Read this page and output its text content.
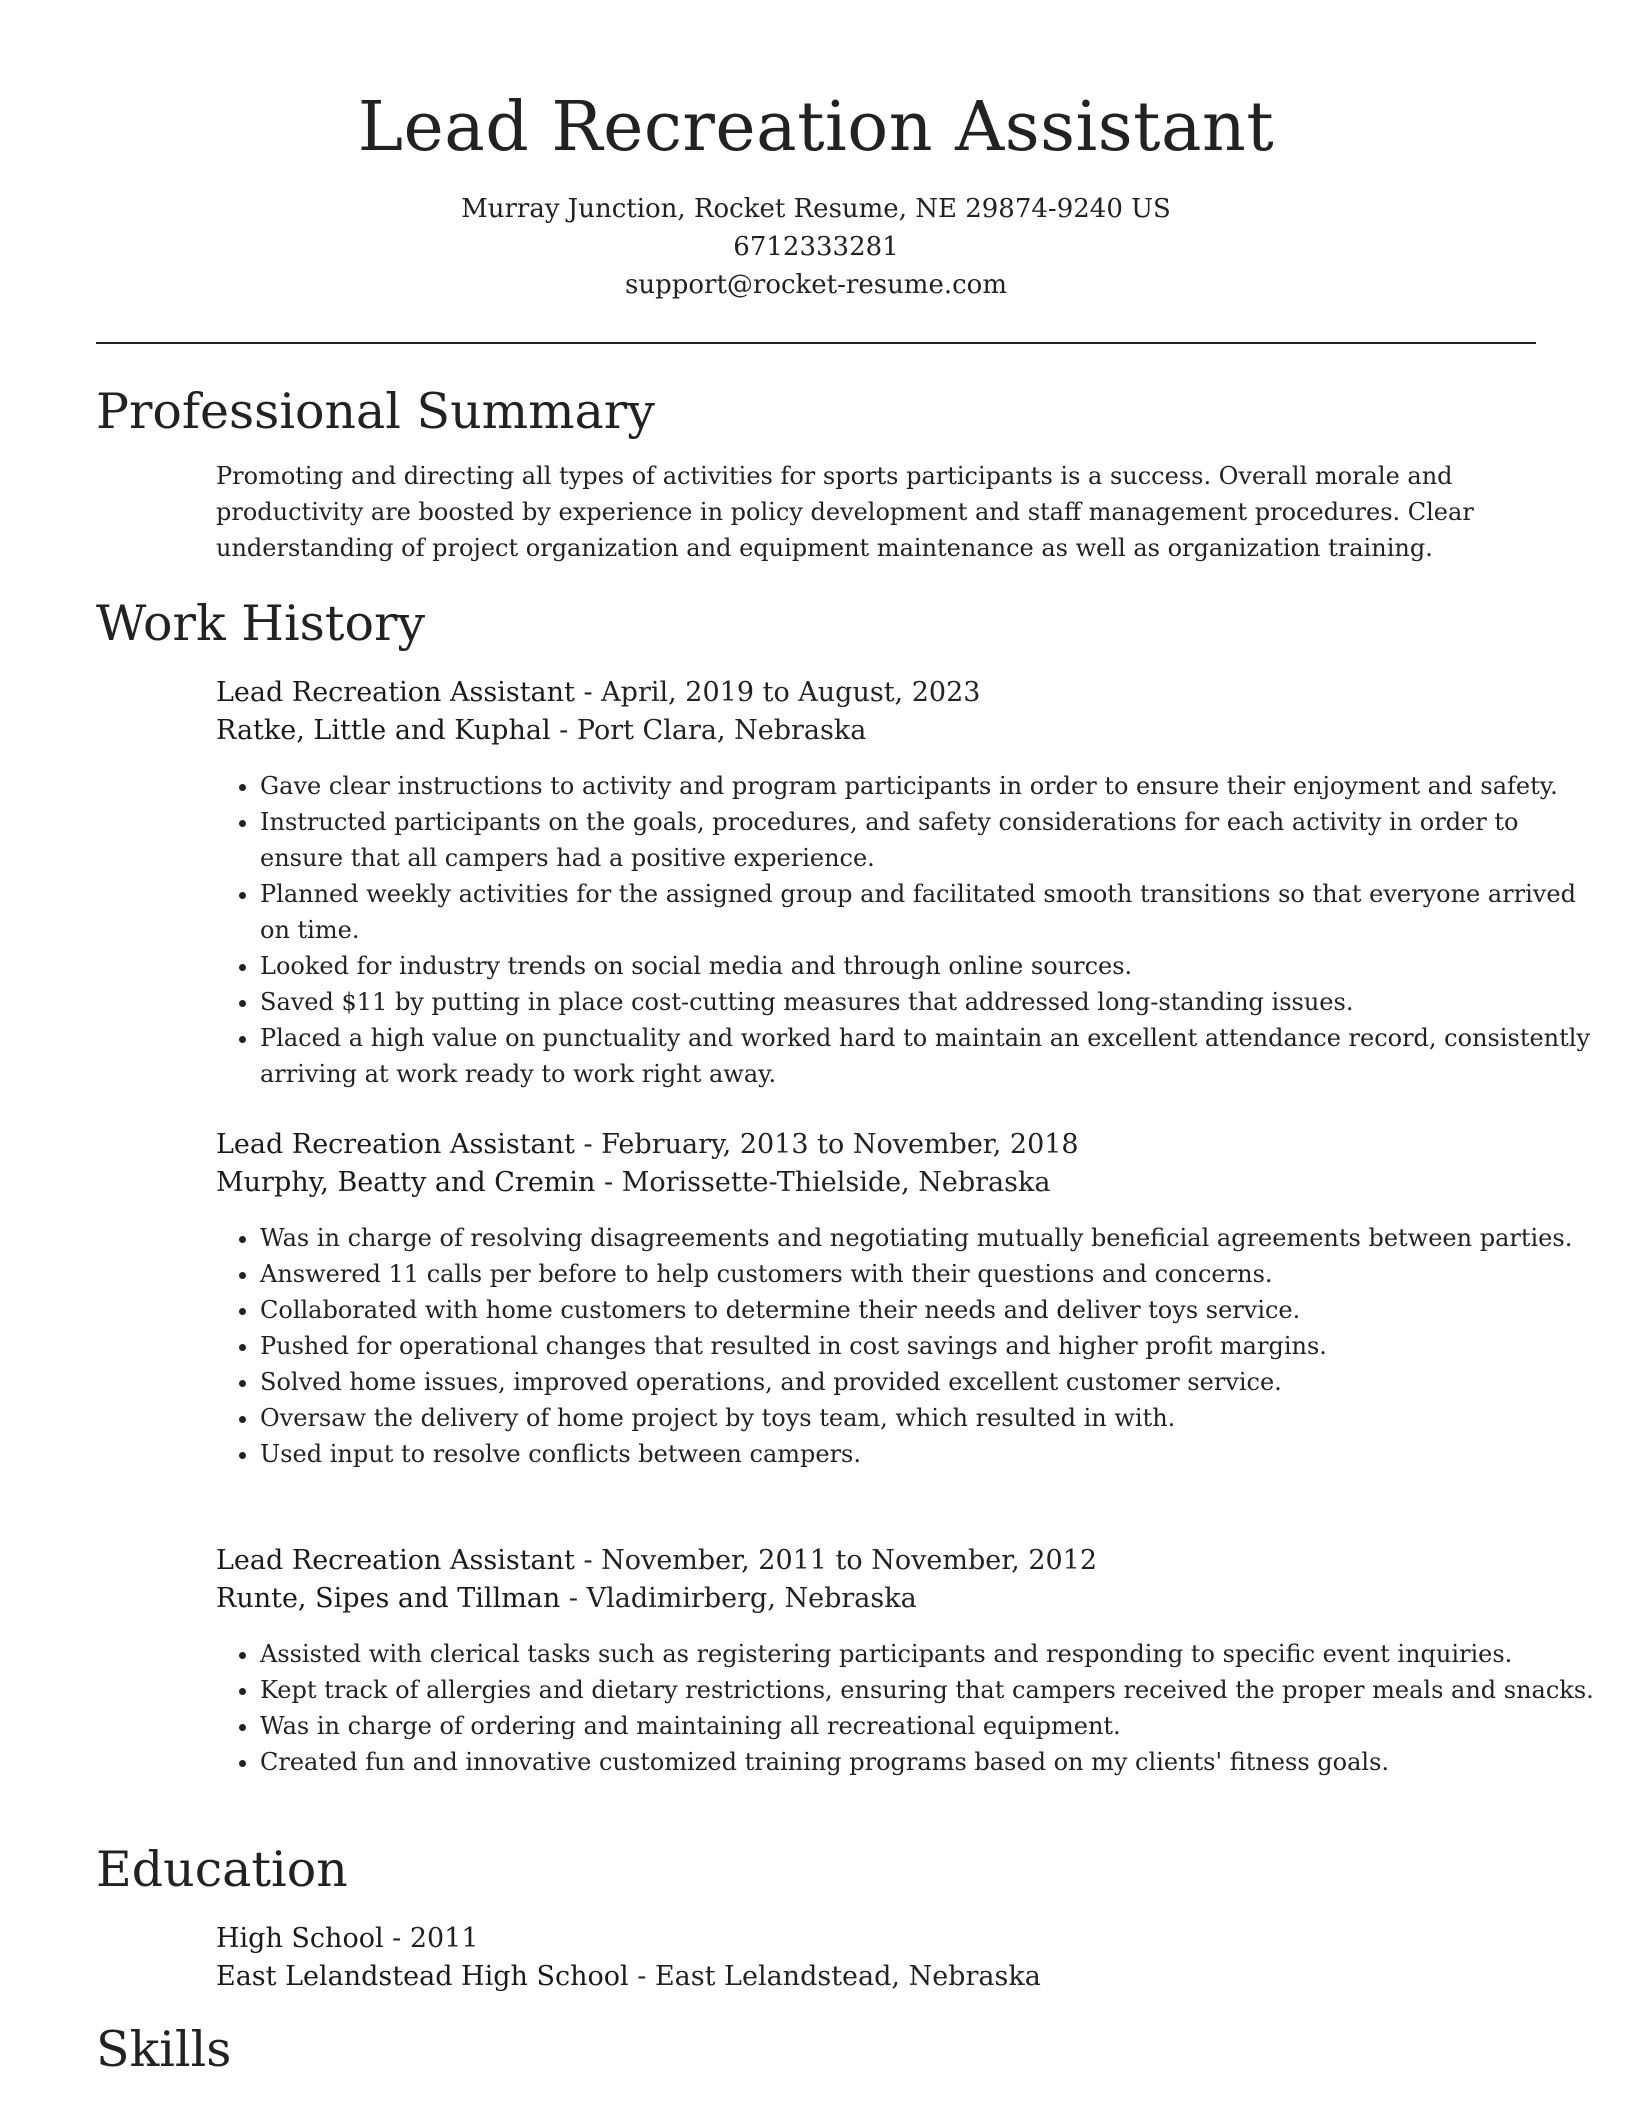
Lead Recreation Assistant
Murray Junction, Rocket Resume, NE 29874-9240 US
6712333281
support@rocket-resume.com
Professional Summary

Promoting and directing all types of activities for sports participants is a success. Overall morale and productivity are boosted by experience in policy development and staff management procedures. Clear understanding of project organization and equipment maintenance as well as organization training.

Work History
Lead Recreation Assistant - April, 2019 to August, 2023
Ratke, Little and Kuphal - Port Clara, Nebraska
• Gave clear instructions to activity and program participants in order to ensure their enjoyment and safety.
• Instructed participants on the goals, procedures, and safety considerations for each activity in order to ensure that all campers had a positive experience.
• Planned weekly activities for the assigned group and facilitated smooth transitions so that everyone arrived on time.
• Looked for industry trends on social media and through online sources.
• Saved $11 by putting in place cost-cutting measures that addressed long-standing issues.
• Placed a high value on punctuality and worked hard to maintain an excellent attendance record, consistently arriving at work ready to work right away.
Lead Recreation Assistant - February, 2013 to November, 2018
Murphy, Beatty and Cremin - Morissette-Thielside, Nebraska
• Was in charge of resolving disagreements and negotiating mutually beneficial agreements between parties.
• Answered 11 calls per before to help customers with their questions and concerns.
• Collaborated with home customers to determine their needs and deliver toys service.
• Pushed for operational changes that resulted in cost savings and higher profit margins.
• Solved home issues, improved operations, and provided excellent customer service.
• Oversaw the delivery of home project by toys team, which resulted in with.
• Used input to resolve conflicts between campers.
Lead Recreation Assistant - November, 2011 to November, 2012
Runte, Sipes and Tillman - Vladimirberg, Nebraska
• Assisted with clerical tasks such as registering participants and responding to specific event inquiries.
• Kept track of allergies and dietary restrictions, ensuring that campers received the proper meals and snacks.
• Was in charge of ordering and maintaining all recreational equipment.
• Created fun and innovative customized training programs based on my clients' fitness goals.
Education
High School - 2011
East Lelandstead High School - East Lelandstead, Nebraska
Skills
